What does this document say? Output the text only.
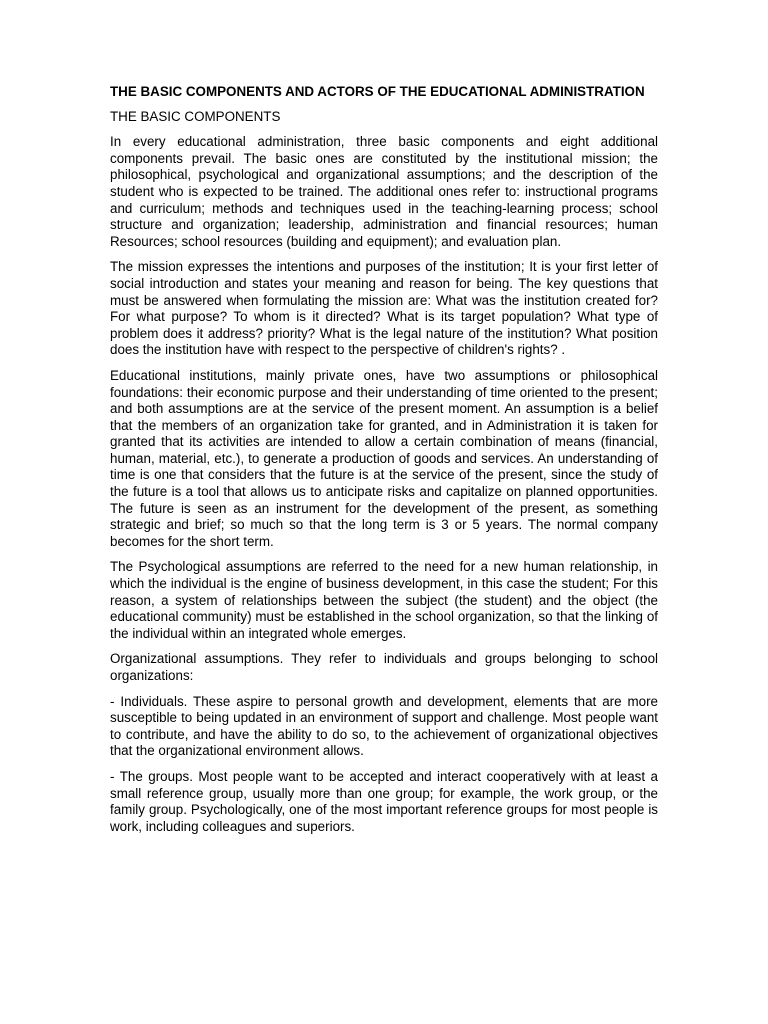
THE BASIC COMPONENTS AND ACTORS OF THE EDUCATIONAL ADMINISTRATION
THE BASIC COMPONENTS

In every educational administration, three basic components and eight additional components prevail. The basic ones are constituted by the institutional mission; the philosophical, psychological and organizational assumptions; and the description of the student who is expected to be trained. The additional ones refer to: instructional programs and curriculum; methods and techniques used in the teaching-learning process; school structure and organization; leadership, administration and financial resources; human Resources; school resources (building and equipment); and evaluation plan.

The mission expresses the intentions and purposes of the institution; It is your first letter of social introduction and states your meaning and reason for being. The key questions that must be answered when formulating the mission are: What was the institution created for? For what purpose? To whom is it directed? What is its target population? What type of problem does it address? priority? What is the legal nature of the institution? What position does the institution have with respect to the perspective of children's rights? .

Educational institutions, mainly private ones, have two assumptions or philosophical foundations: their economic purpose and their understanding of time oriented to the present; and both assumptions are at the service of the present moment. An assumption is a belief that the members of an organization take for granted, and in Administration it is taken for granted that its activities are intended to allow a certain combination of means (financial, human, material, etc.), to generate a production of goods and services. An understanding of time is one that considers that the future is at the service of the present, since the study of the future is a tool that allows us to anticipate risks and capitalize on planned opportunities. The future is seen as an instrument for the development of the present, as something strategic and brief; so much so that the long term is 3 or 5 years. The normal company becomes for the short term.

The Psychological assumptions are referred to the need for a new human relationship, in which the individual is the engine of business development, in this case the student; For this reason, a system of relationships between the subject (the student) and the object (the educational community) must be established in the school organization, so that the linking of the individual within an integrated whole emerges.

Organizational assumptions. They refer to individuals and groups belonging to school organizations:

- Individuals. These aspire to personal growth and development, elements that are more susceptible to being updated in an environment of support and challenge. Most people want to contribute, and have the ability to do so, to the achievement of organizational objectives that the organizational environment allows.

- The groups. Most people want to be accepted and interact cooperatively with at least a small reference group, usually more than one group; for example, the work group, or the family group. Psychologically, one of the most important reference groups for most people is work, including colleagues and superiors.
